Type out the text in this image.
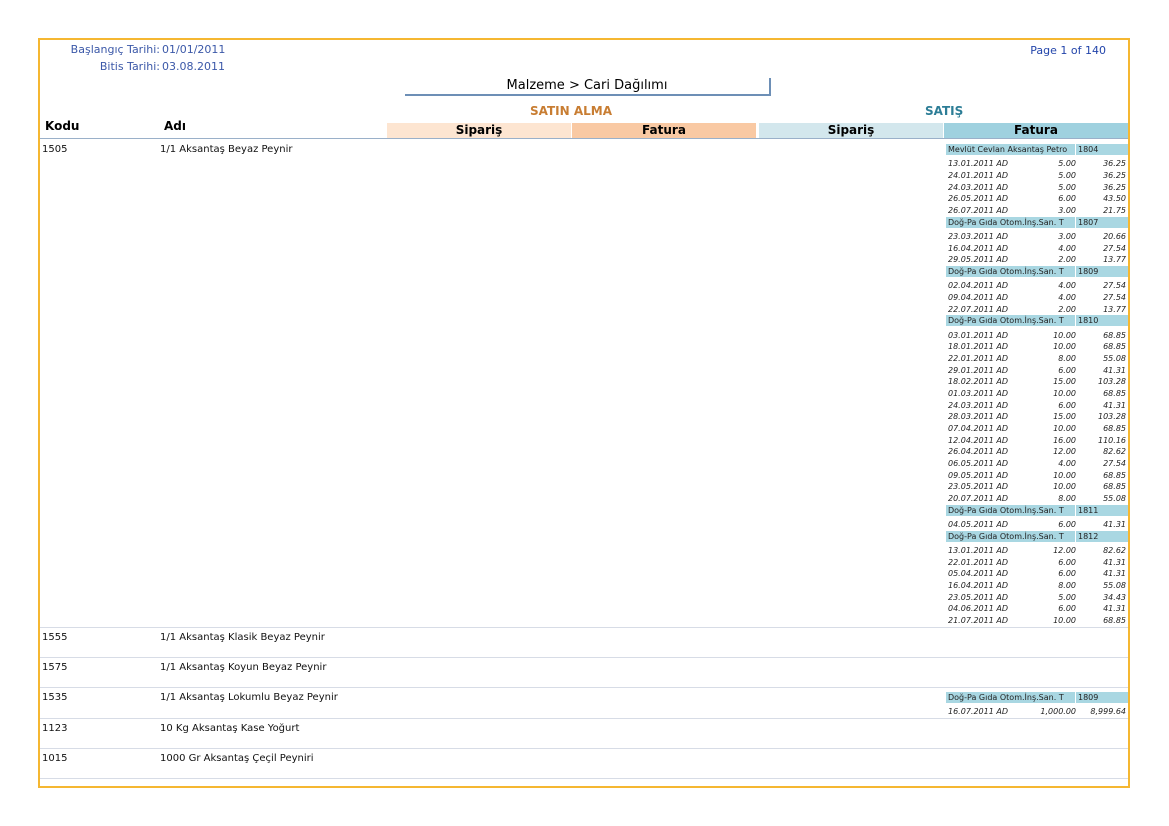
Başlangıç Tarihi: 01/01/2011
Bitis Tarihi: 03.08.2011
Page 1 of 140
Malzeme > Cari Dağılımı
SATIN ALMA	SATIŞ
Kodu	Adı	Sipariş	Fatura	Sipariş	Fatura
1505	1/1 Aksantaş Beyaz Peynir	Mevlüt Cevlan Aksantaş Petro	1804
13.01.2011 AD	5.00	36.25
24.01.2011 AD	5.00	36.25
24.03.2011 AD	5.00	36.25
26.05.2011 AD	6.00	43.50
26.07.2011 AD	3.00	21.75
Doğ-Pa Gıda Otom.İnş.San. T	1807
23.03.2011 AD	3.00	20.66
16.04.2011 AD	4.00	27.54
29.05.2011 AD	2.00	13.77
Doğ-Pa Gıda Otom.İnş.San. T	1809
02.04.2011 AD	4.00	27.54
09.04.2011 AD	4.00	27.54
22.07.2011 AD	2.00	13.77
Doğ-Pa Gıda Otom.İnş.San. T	1810
03.01.2011 AD	10.00	68.85
18.01.2011 AD	10.00	68.85
22.01.2011 AD	8.00	55.08
29.01.2011 AD	6.00	41.31
18.02.2011 AD	15.00	103.28
01.03.2011 AD	10.00	68.85
24.03.2011 AD	6.00	41.31
28.03.2011 AD	15.00	103.28
07.04.2011 AD	10.00	68.85
12.04.2011 AD	16.00	110.16
26.04.2011 AD	12.00	82.62
06.05.2011 AD	4.00	27.54
09.05.2011 AD	10.00	68.85
23.05.2011 AD	10.00	68.85
20.07.2011 AD	8.00	55.08
Doğ-Pa Gıda Otom.İnş.San. T	1811
04.05.2011 AD	6.00	41.31
Doğ-Pa Gıda Otom.İnş.San. T	1812
13.01.2011 AD	12.00	82.62
22.01.2011 AD	6.00	41.31
05.04.2011 AD	6.00	41.31
16.04.2011 AD	8.00	55.08
23.05.2011 AD	5.00	34.43
04.06.2011 AD	6.00	41.31
21.07.2011 AD	10.00	68.85
1555	1/1 Aksantaş Klasik Beyaz Peynir
1575	1/1 Aksantaş Koyun Beyaz Peynir
1535	1/1 Aksantaş Lokumlu Beyaz Peynir	Doğ-Pa Gıda Otom.İnş.San. T	1809
16.07.2011 AD	1,000.00 8,999.64
1123	10 Kg Aksantaş Kase Yoğurt
1015	1000 Gr Aksantaş Çeçil Peyniri
